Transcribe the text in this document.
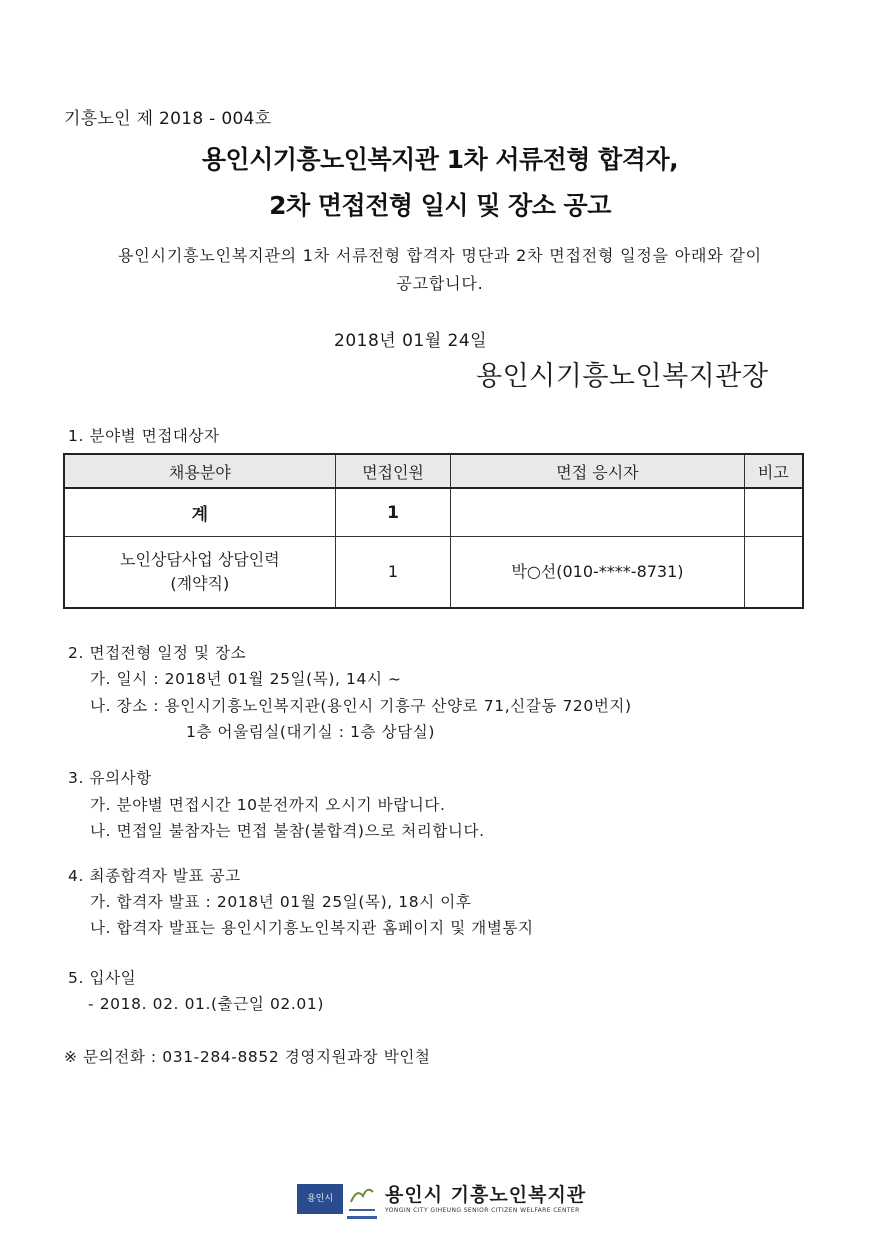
기흥노인 제 2018 - 004호
용인시기흥노인복지관 1차 서류전형 합격자,
2차 면접전형 일시 및 장소 공고
용인시기흥노인복지관의 1차 서류전형 합격자 명단과 2차 면접전형 일정을 아래와 같이
공고합니다.
2018년 01월 24일
용인시기흥노인복지관장
1. 분야별 면접대상자
채용분야	면접인원	면접 응시자	비고
계	1		

노인상담사업 상담인력
(계약직)	1	박○선(010-****-8731)	
2. 면접전형 일정 및 장소
가. 일시 : 2018년 01월 25일(목), 14시 ~
나. 장소 : 용인시기흥노인복지관(용인시 기흥구 산양로 71,신갈동 720번지)
1층 어울림실(대기실 : 1층 상담실)
3. 유의사항
가. 분야별 면접시간 10분전까지 오시기 바랍니다.
나. 면접일 불참자는 면접 불참(불합격)으로 처리합니다.
4. 최종합격자 발표 공고
가. 합격자 발표 : 2018년 01월 25일(목), 18시 이후
나. 합격자 발표는 용인시기흥노인복지관 홈페이지 및 개별통지
5. 입사일
- 2018. 02. 01.(출근일 02.01)
※ 문의전화 : 031-284-8852 경영지원과장 박인철
용인시	용인시 기흥노인복지관
YONGIN CITY GIHEUNG SENIOR CITIZEN WELFARE CENTER
